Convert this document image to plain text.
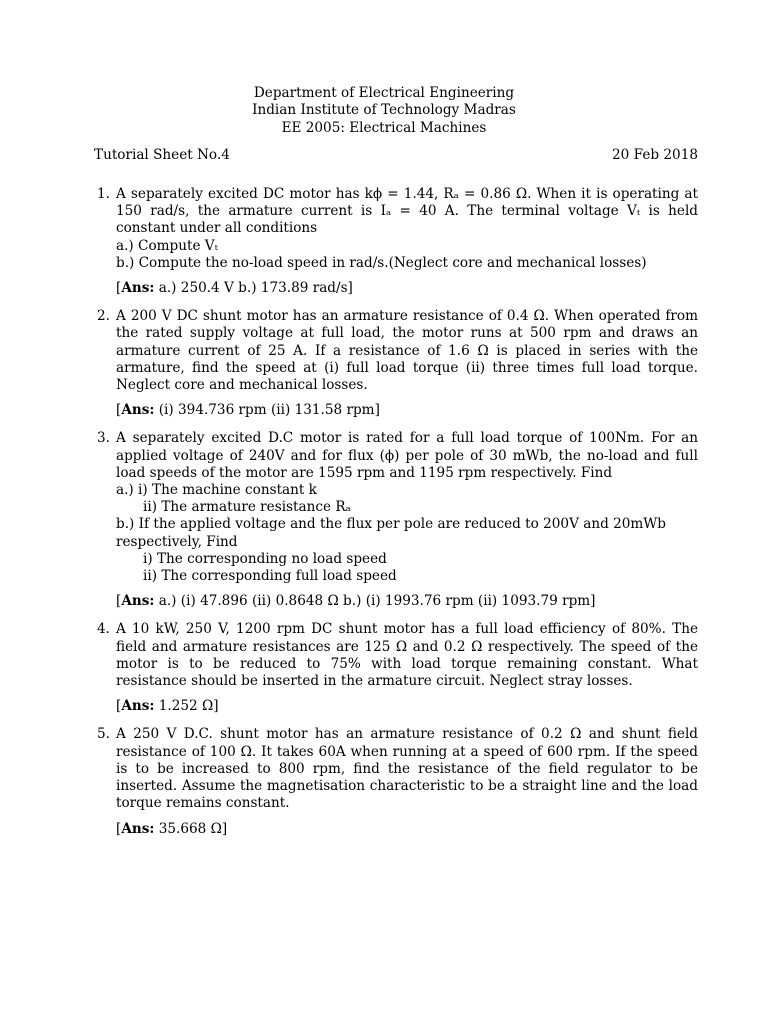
Department of Electrical Engineering
Indian Institute of Technology Madras
EE 2005: Electrical Machines
Tutorial Sheet No.4	20 Feb 2018
1. A separately excited DC motor has kϕ = 1.44, Rₐ = 0.86 Ω. When it is operating at 150 rad/s, the armature current is Iₐ = 40 A. The terminal voltage Vₜ is held constant under all conditions
a.) Compute Vₜ
b.) Compute the no-load speed in rad/s.(Neglect core and mechanical losses)
[Ans: a.) 250.4 V b.) 173.89 rad/s]
2. A 200 V DC shunt motor has an armature resistance of 0.4 Ω. When operated from the rated supply voltage at full load, the motor runs at 500 rpm and draws an armature current of 25 A. If a resistance of 1.6 Ω is placed in series with the armature, find the speed at (i) full load torque (ii) three times full load torque. Neglect core and mechanical losses.
[Ans: (i) 394.736 rpm (ii) 131.58 rpm]
3. A separately excited D.C motor is rated for a full load torque of 100Nm. For an applied voltage of 240V and for flux (ϕ) per pole of 30 mWb, the no-load and full load speeds of the motor are 1595 rpm and 1195 rpm respectively. Find
a.) i) The machine constant k
ii) The armature resistance Rₐ
b.) If the applied voltage and the flux per pole are reduced to 200V and 20mWb respectively, Find
i) The corresponding no load speed
ii) The corresponding full load speed
[Ans: a.) (i) 47.896 (ii) 0.8648 Ω b.) (i) 1993.76 rpm (ii) 1093.79 rpm]
4. A 10 kW, 250 V, 1200 rpm DC shunt motor has a full load efficiency of 80%. The field and armature resistances are 125 Ω and 0.2 Ω respectively. The speed of the motor is to be reduced to 75% with load torque remaining constant. What resistance should be inserted in the armature circuit. Neglect stray losses.
[Ans: 1.252 Ω]
5. A 250 V D.C. shunt motor has an armature resistance of 0.2 Ω and shunt field resistance of 100 Ω. It takes 60A when running at a speed of 600 rpm. If the speed is to be increased to 800 rpm, find the resistance of the field regulator to be inserted. Assume the magnetisation characteristic to be a straight line and the load torque remains constant.
[Ans: 35.668 Ω]
